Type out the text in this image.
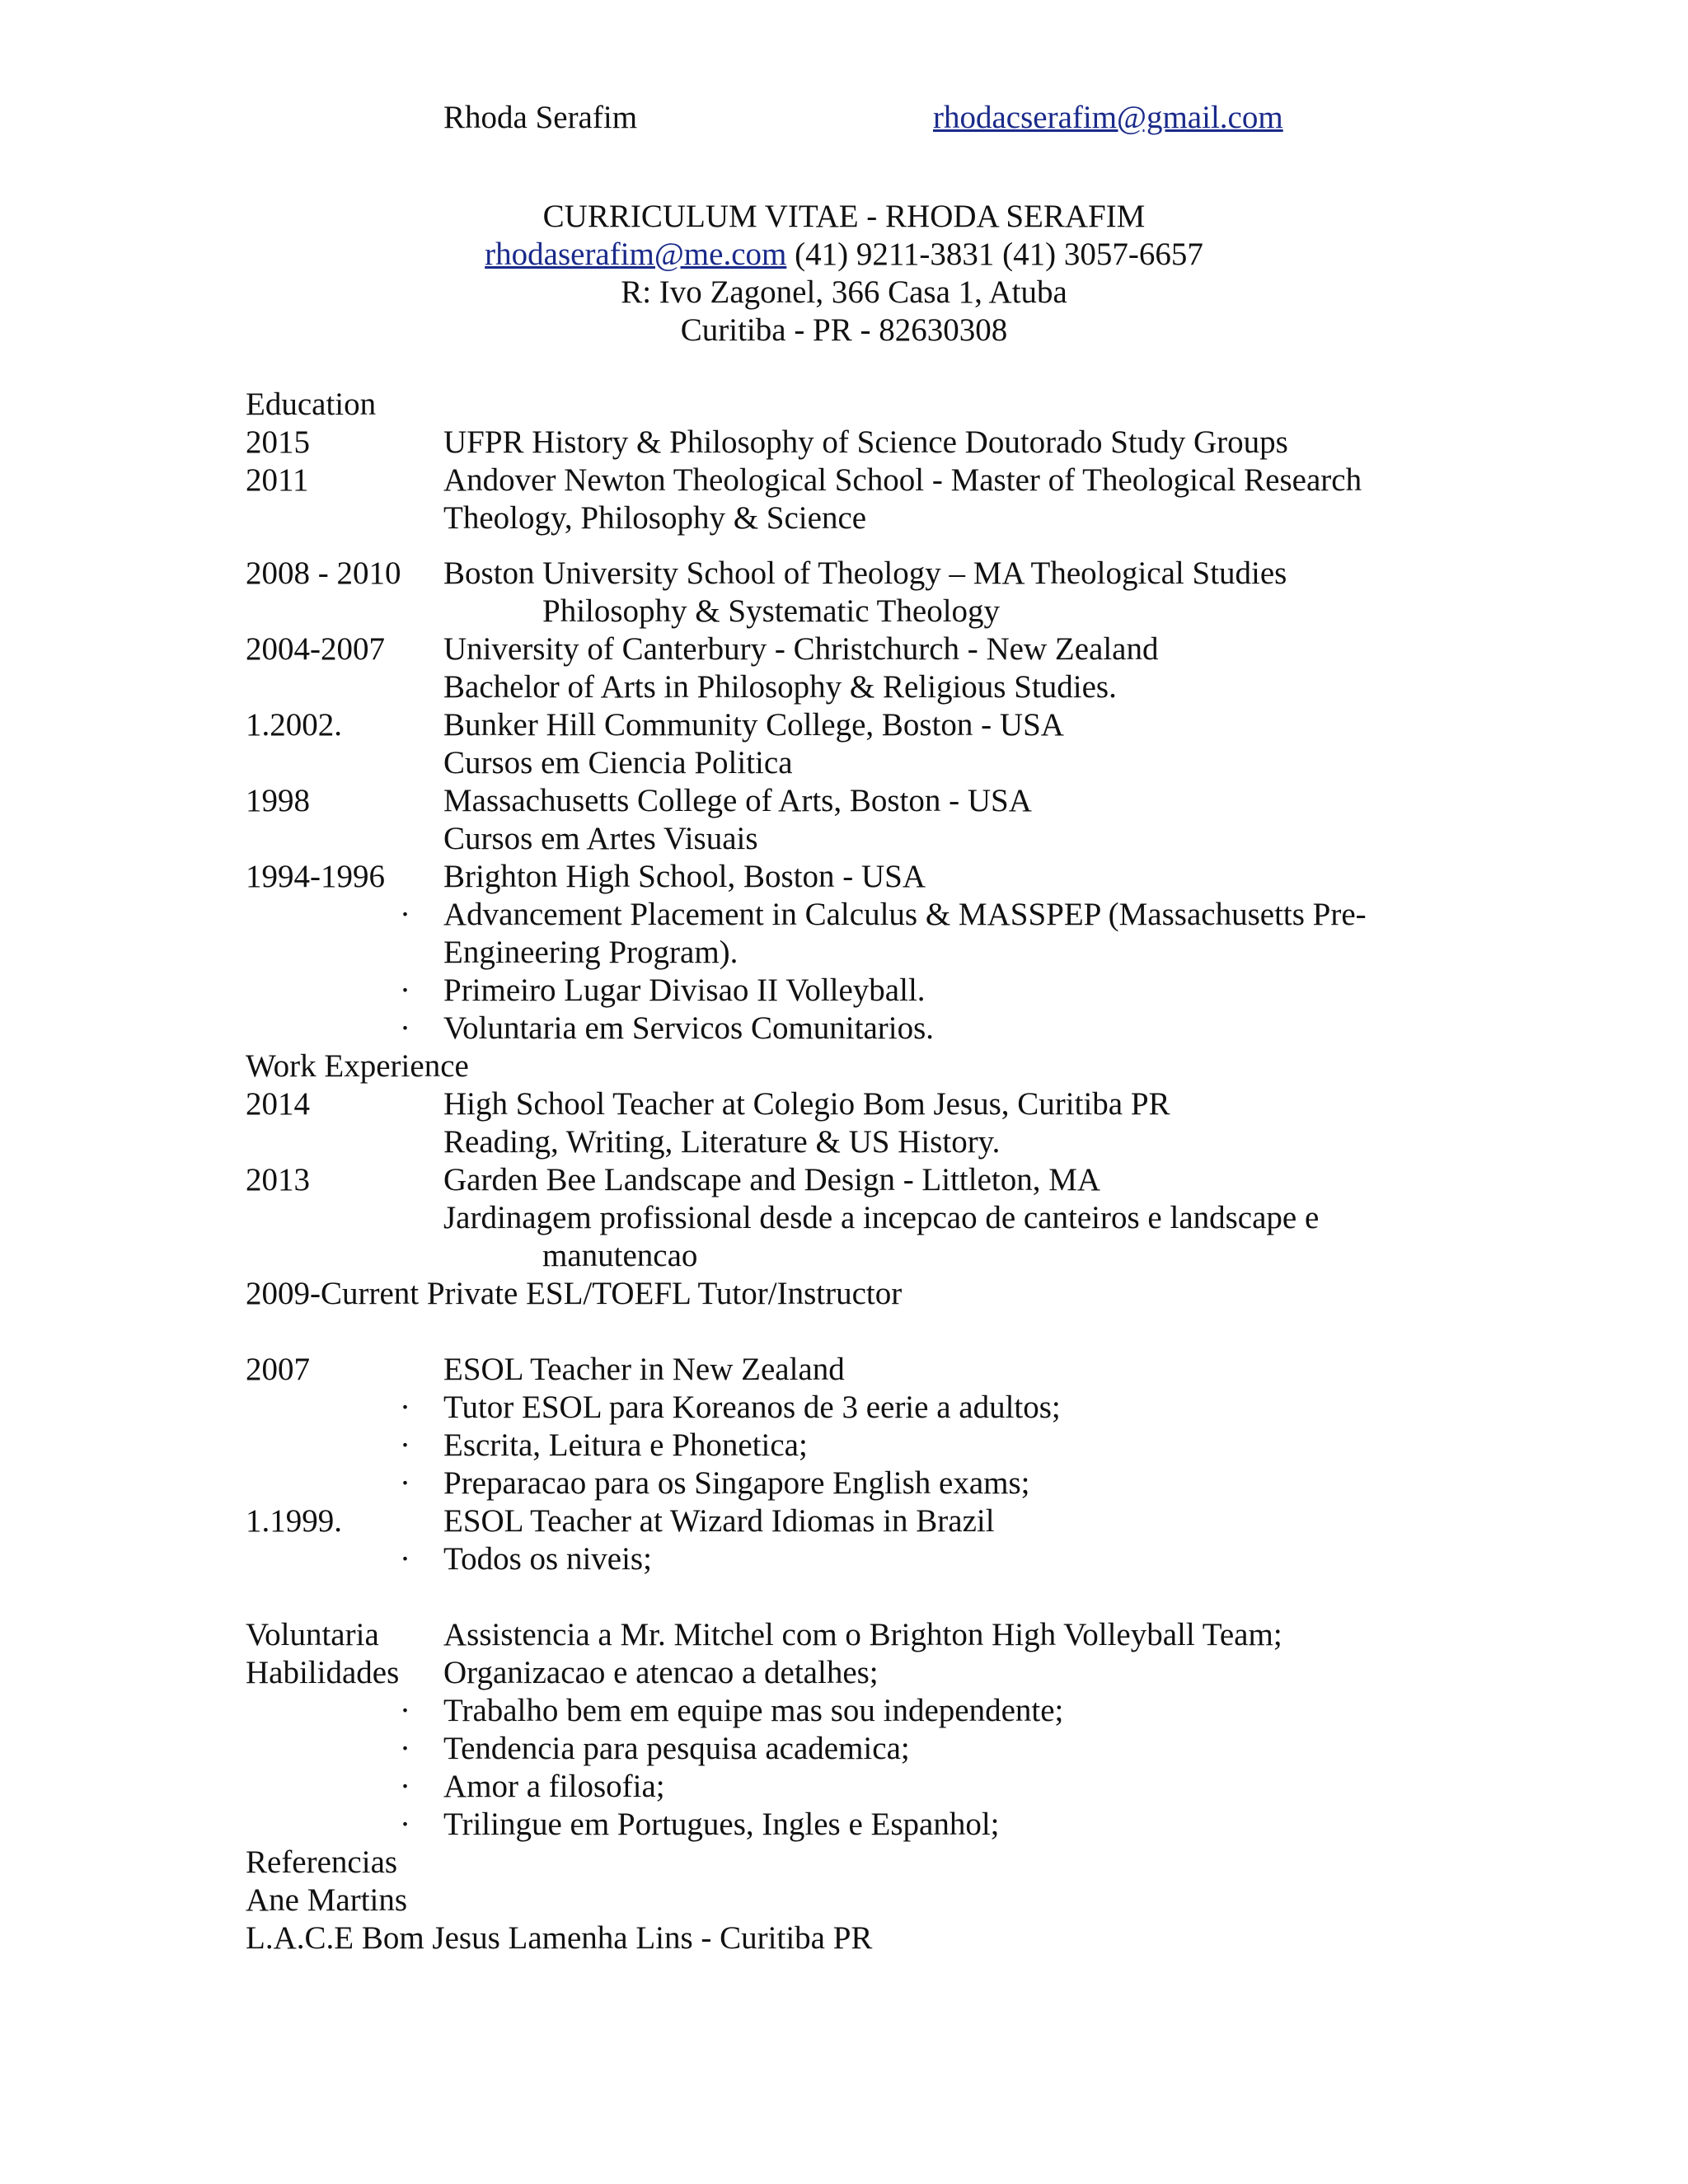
Rhoda Serafim	rhodacserafim@gmail.com
CURRICULUM VITAE - RHODA SERAFIM
rhodaserafim@me.com (41) 9211-3831 (41) 3057-6657
R: Ivo Zagonel, 366 Casa 1, Atuba
Curitiba - PR - 82630308
Education
2015	UFPR History & Philosophy of Science Doutorado Study Groups
2011	Andover Newton Theological School - Master of Theological Research
Theology, Philosophy & Science
2008 - 2010	Boston University School of Theology – MA Theological Studies
Philosophy & Systematic Theology
2004-2007	University of Canterbury - Christchurch - New Zealand
Bachelor of Arts in Philosophy & Religious Studies.
1.2002.	Bunker Hill Community College, Boston - USA
Cursos em Ciencia Politica
1998	Massachusetts College of Arts, Boston - USA
Cursos em Artes Visuais
1994-1996	Brighton High School, Boston - USA
·	Advancement Placement in Calculus & MASSPEP (Massachusetts Pre-
Engineering Program).
·	Primeiro Lugar Divisao II Volleyball.
·	Voluntaria em Servicos Comunitarios.
Work Experience
2014	High School Teacher at Colegio Bom Jesus, Curitiba PR
Reading, Writing, Literature & US History.
2013	Garden Bee Landscape and Design - Littleton, MA
Jardinagem profissional desde a incepcao de canteiros e landscape e
manutencao
2009-Current Private ESL/TOEFL Tutor/Instructor
2007	ESOL Teacher in New Zealand
·	Tutor ESOL para Koreanos de 3 eerie a adultos;
·	Escrita, Leitura e Phonetica;
·	Preparacao para os Singapore English exams;
1.1999.	ESOL Teacher at Wizard Idiomas in Brazil
·	Todos os niveis;
Voluntaria	Assistencia a Mr. Mitchel com o Brighton High Volleyball Team;
Habilidades	Organizacao e atencao a detalhes;
·	Trabalho bem em equipe mas sou independente;
·	Tendencia para pesquisa academica;
·	Amor a filosofia;
·	Trilingue em Portugues, Ingles e Espanhol;
Referencias
Ane Martins
L.A.C.E Bom Jesus Lamenha Lins - Curitiba PR
